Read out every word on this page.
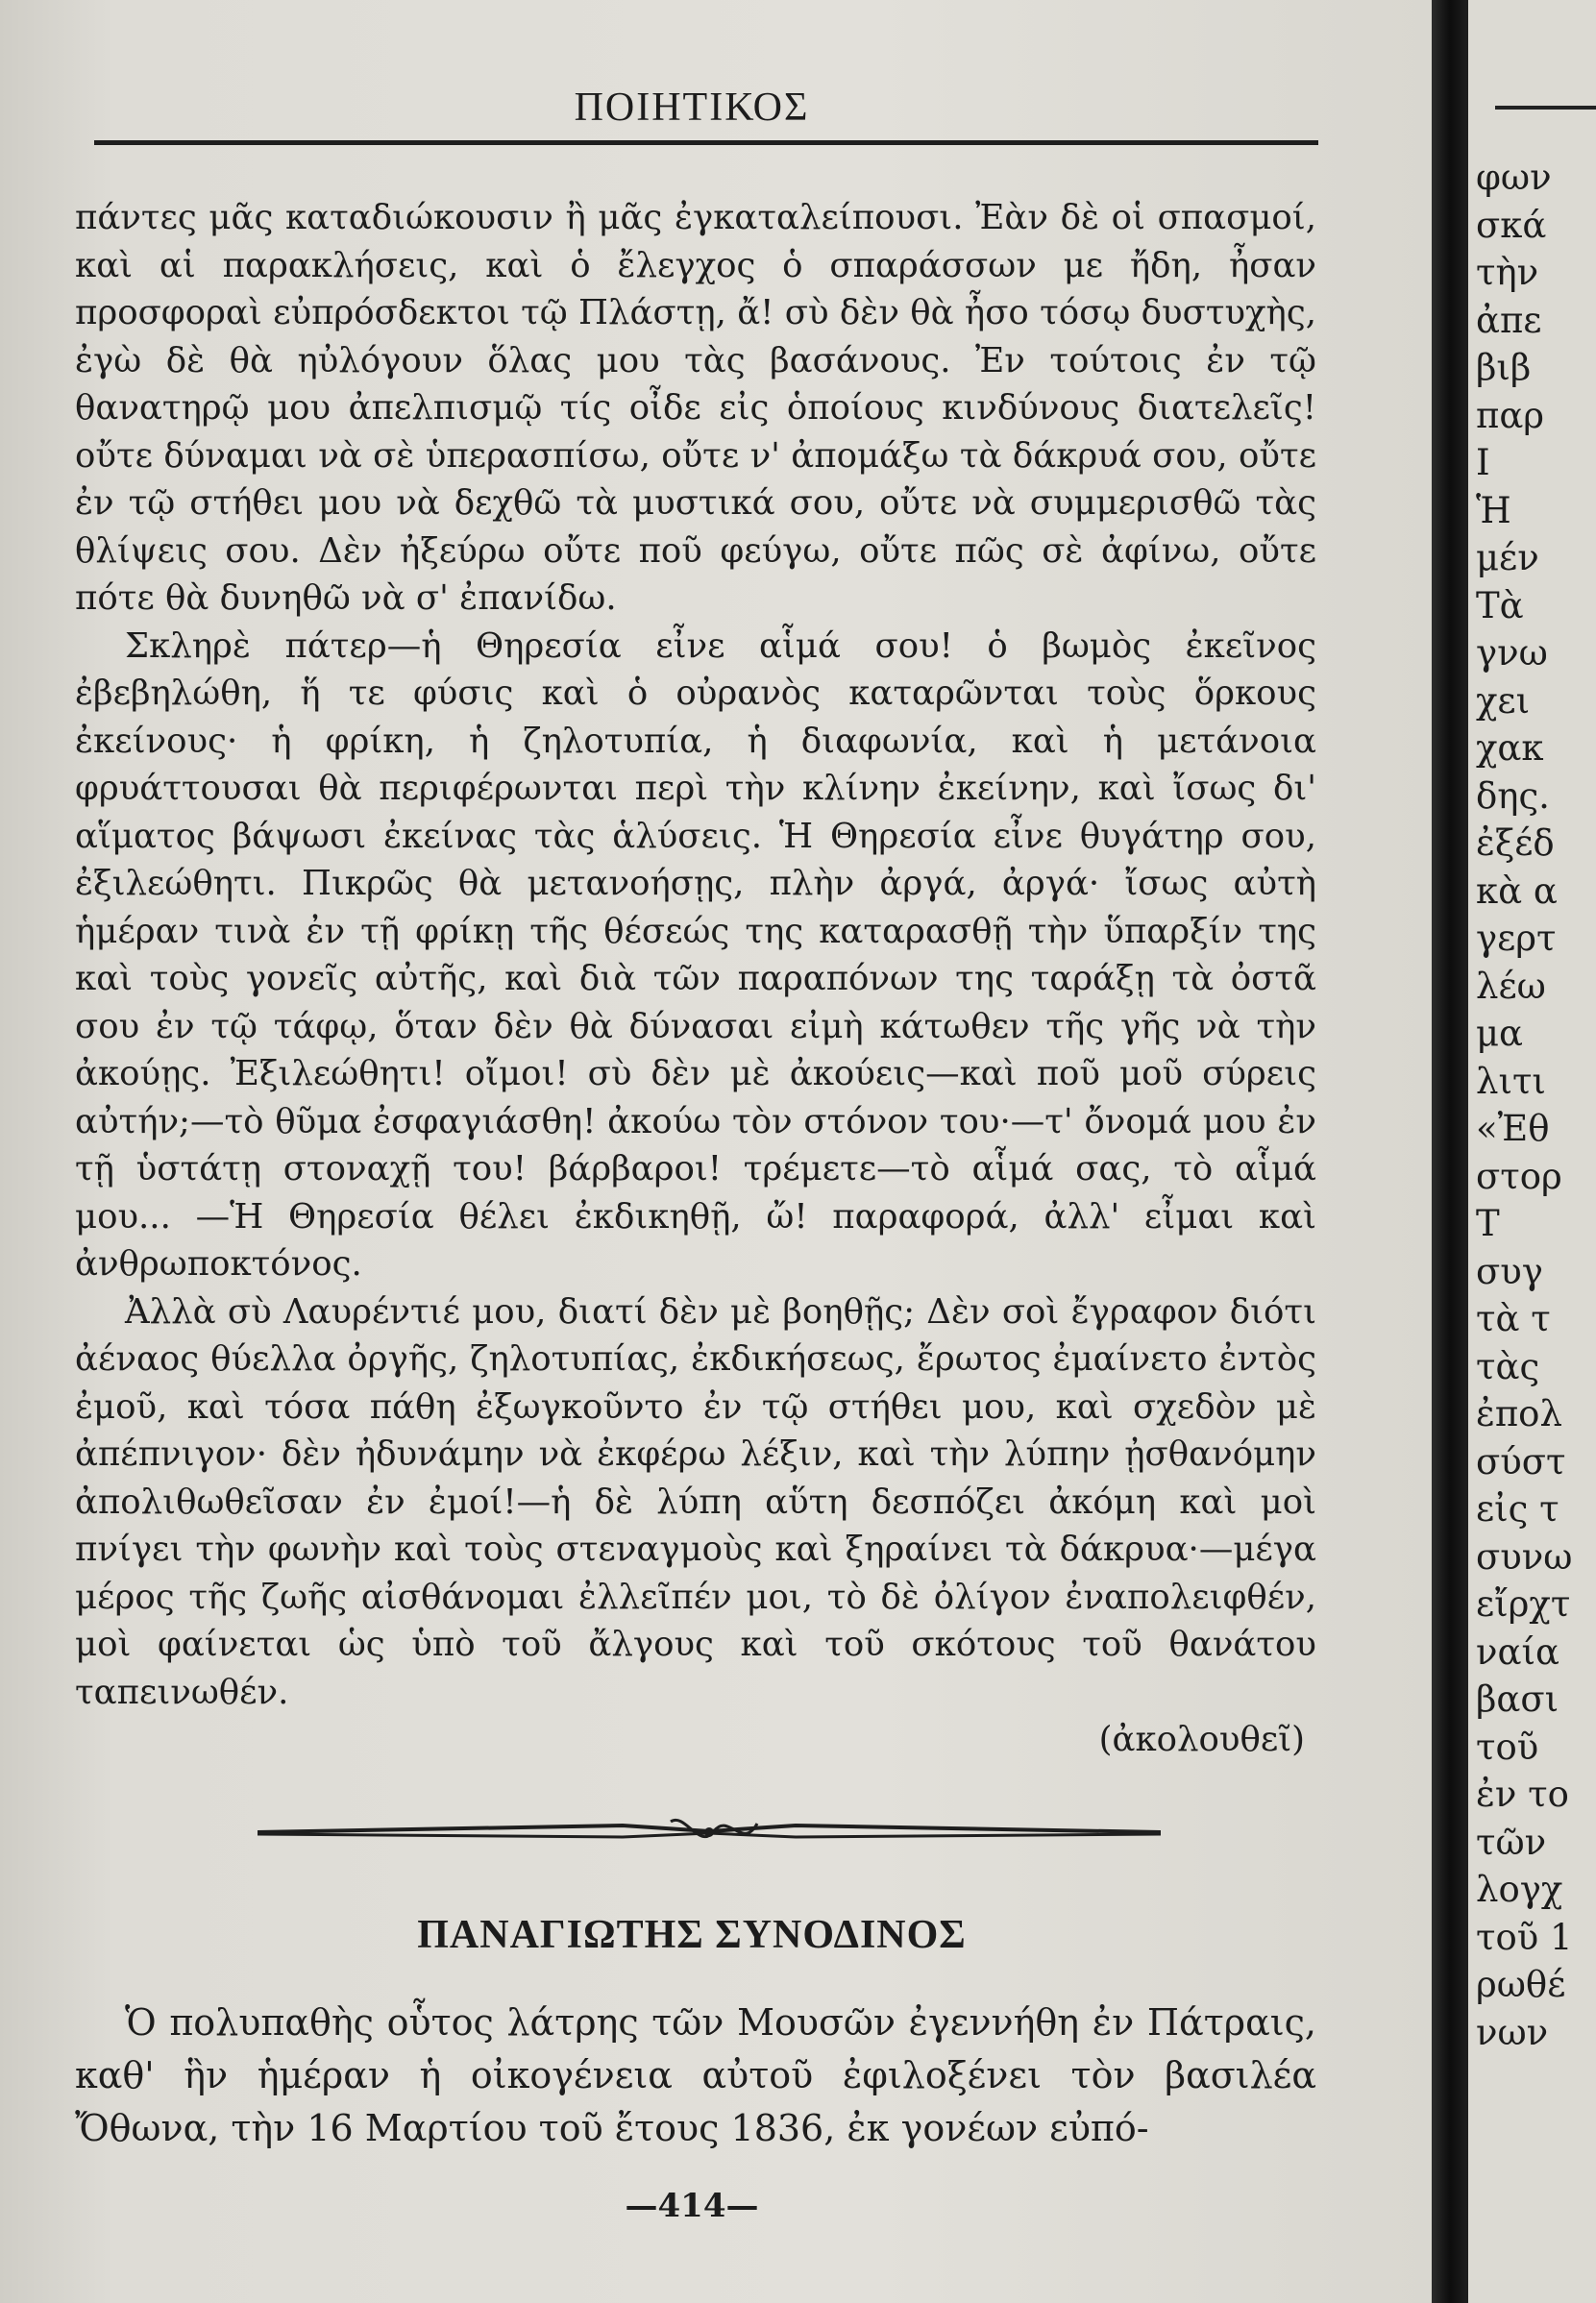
ΠΟΙΗΤΙΚΟΣ

πάντες μᾶς καταδιώκουσιν ἢ μᾶς ἐγκαταλείπουσι. Ἐὰν δὲ οἱ σπασμοί, καὶ αἱ παρακλήσεις, καὶ ὁ ἔλεγχος ὁ σπαράσσων με ἤδη, ἦσαν προσφοραὶ εὐπρόσδεκτοι τῷ Πλάστῃ, ἄ! σὺ δὲν θὰ ἦσο τόσῳ δυστυχὴς, ἐγὼ δὲ θὰ ηὐλόγουν ὅλας μου τὰς βασάνους. Ἐν τούτοις ἐν τῷ θανατηρῷ μου ἀπελπισμῷ τίς οἶδε εἰς ὁποίους κινδύνους διατελεῖς! οὔτε δύναμαι νὰ σὲ ὑπερασπίσω, οὔτε ν' ἀπομάξω τὰ δάκρυά σου, οὔτε ἐν τῷ στήθει μου νὰ δεχθῶ τὰ μυστικά σου, οὔτε νὰ συμμερισθῶ τὰς θλίψεις σου. Δὲν ἠξεύρω οὔτε ποῦ φεύγω, οὔτε πῶς σὲ ἀφίνω, οὔτε πότε θὰ δυνηθῶ νὰ σ' ἐπανίδω.

Σκληρὲ πάτερ—ἡ Θηρεσία εἶνε αἷμά σου! ὁ βωμὸς ἐκεῖνος ἐβεβηλώθη, ἥ τε φύσις καὶ ὁ οὐρανὸς καταρῶνται τοὺς ὅρκους ἐκείνους· ἡ φρίκη, ἡ ζηλοτυπία, ἡ διαφωνία, καὶ ἡ μετάνοια φρυάττουσαι θὰ περιφέρωνται περὶ τὴν κλίνην ἐκείνην, καὶ ἴσως δι' αἵματος βάψωσι ἐκείνας τὰς ἁλύσεις. Ἡ Θηρεσία εἶνε θυγάτηρ σου, ἐξιλεώθητι. Πικρῶς θὰ μετανοήσῃς, πλὴν ἀργά, ἀργά· ἴσως αὐτὴ ἡμέραν τινὰ ἐν τῇ φρίκῃ τῆς θέσεώς της καταρασθῇ τὴν ὕπαρξίν της καὶ τοὺς γονεῖς αὐτῆς, καὶ διὰ τῶν παραπόνων της ταράξῃ τὰ ὀστᾶ σου ἐν τῷ τάφῳ, ὅταν δὲν θὰ δύνασαι εἰμὴ κάτωθεν τῆς γῆς νὰ τὴν ἀκούῃς. Ἐξιλεώθητι! οἴμοι! σὺ δὲν μὲ ἀκούεις—καὶ ποῦ μοῦ σύρεις αὐτήν;—τὸ θῦμα ἐσφαγιάσθη! ἀκούω τὸν στόνον του·—τ' ὄνομά μου ἐν τῇ ὑστάτῃ στοναχῇ του! βάρβαροι! τρέμετε—τὸ αἷμά σας, τὸ αἷμά μου... —Ἡ Θηρεσία θέλει ἐκδικηθῇ, ὤ! παραφορά, ἀλλ' εἶμαι καὶ ἀνθρωποκτόνος.

Ἀλλὰ σὺ Λαυρέντιέ μου, διατί δὲν μὲ βοηθῇς; Δὲν σοὶ ἔγραφον διότι ἀέναος θύελλα ὀργῆς, ζηλοτυπίας, ἐκδικήσεως, ἔρωτος ἐμαίνετο ἐντὸς ἐμοῦ, καὶ τόσα πάθη ἐξωγκοῦντο ἐν τῷ στήθει μου, καὶ σχεδὸν μὲ ἀπέπνιγον· δὲν ἠδυνάμην νὰ ἐκφέρω λέξιν, καὶ τὴν λύπην ᾐσθανόμην ἀπολιθωθεῖσαν ἐν ἐμοί!—ἡ δὲ λύπη αὕτη δεσπόζει ἀκόμη καὶ μοὶ πνίγει τὴν φωνὴν καὶ τοὺς στεναγμοὺς καὶ ξηραίνει τὰ δάκρυα·—μέγα μέρος τῆς ζωῆς αἰσθάνομαι ἐλλεῖπέν μοι, τὸ δὲ ὀλίγον ἐναπολειφθέν, μοὶ φαίνεται ὡς ὑπὸ τοῦ ἄλγους καὶ τοῦ σκότους τοῦ θανάτου ταπεινωθέν.

(ἀκολουθεῖ)
ΠΑΝΑΓΙΩΤΗΣ ΣΥΝΟΔΙΝΟΣ

Ὁ πολυπαθὴς οὗτος λάτρης τῶν Μουσῶν ἐγεννήθη ἐν Πάτραις, καθ' ἣν ἡμέραν ἡ οἰκογένεια αὐτοῦ ἐφιλοξένει τὸν βασιλέα Ὄθωνα, τὴν 16 Μαρτίου τοῦ ἔτους 1836, ἐκ γονέων εὐπό-

—414—
φων
σκά
τὴν
ἀπε
βιβ
παρ
Ι
Ἡ
μέν
Τὰ
γνω
χει
χακ
δης.
ἐξέδ
κὰ α
γερτ
λέω
μα
λιτι
«Ἐθ
στορ
Τ
συγ
τὰ τ
τὰς
ἐπολ
σύστ
εἰς τ
συνω
εἴρχτ
ναία
βασι
τοῦ
ἐν το
τῶν
λογχ
τοῦ 1
ρωθέ
νων
